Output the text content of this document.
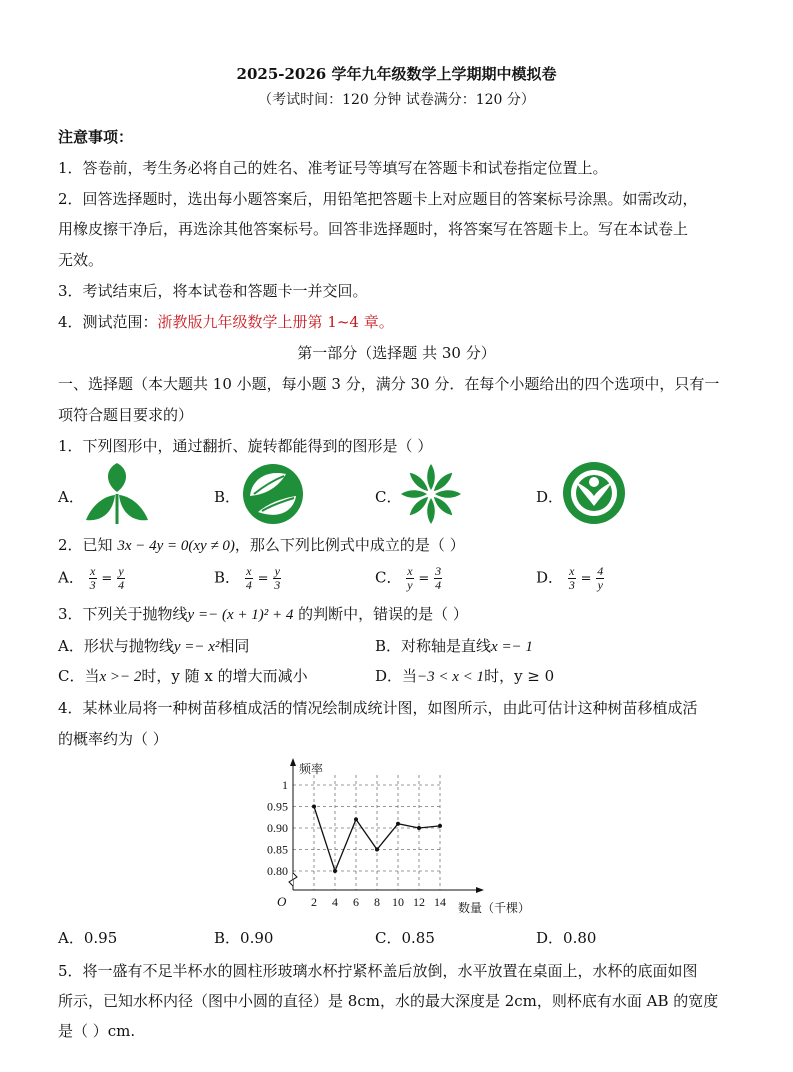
2025-2026 学年九年级数学上学期期中模拟卷
（考试时间：120 分钟 试卷满分：120 分）
注意事项：
1．答卷前，考生务必将自己的姓名、准考证号等填写在答题卡和试卷指定位置上。
2．回答选择题时，选出每小题答案后，用铅笔把答题卡上对应题目的答案标号涂黑。如需改动，
用橡皮擦干净后，再选涂其他答案标号。回答非选择题时，将答案写在答题卡上。写在本试卷上
无效。
3．考试结束后，将本试卷和答题卡一并交回。
4．测试范围：浙教版九年级数学上册第 1~4 章。
第一部分（选择题 共 30 分）
一、选择题（本大题共 10 小题，每小题 3 分，满分 30 分．在每个小题给出的四个选项中，只有一
项符合题目要求的）
1．下列图形中，通过翻折、旋转都能得到的图形是（ ）
A．	B．	C．	D．
2．已知 3x − 4y = 0(xy ≠ 0)，那么下列比例式中成立的是（ ）
A． $\frac{x}{3} = \frac{y}{4}$	B． $\frac{x}{4} = \frac{y}{3}$	C． $\frac{x}{y} = \frac{3}{4}$	D． $\frac{x}{3} = \frac{4}{y}$
3．下列关于抛物线y =− (x + 1)² + 4 的判断中，错误的是（ ）
A．形状与抛物线y =− x²相同	B．对称轴是直线x =− 1
C．当x >− 2时，y 随 x 的增大而减小	D．当−3 < x < 1时，y ≥ 0
4．某林业局将一种树苗移植成活的情况绘制成统计图，如图所示，由此可估计这种树苗移植成活
的概率约为（ ）
0.80
0.85
0.90
0.95
1
2 4 6 8 10 12 14
O
频率
数量（千棵）
A．0.95	B．0.90	C．0.85	D．0.80
5．将一盛有不足半杯水的圆柱形玻璃水杯拧紧杯盖后放倒，水平放置在桌面上，水杯的底面如图
所示，已知水杯内径（图中小圆的直径）是 8cm，水的最大深度是 2cm，则杯底有水面 AB 的宽度
是（ ）cm.
